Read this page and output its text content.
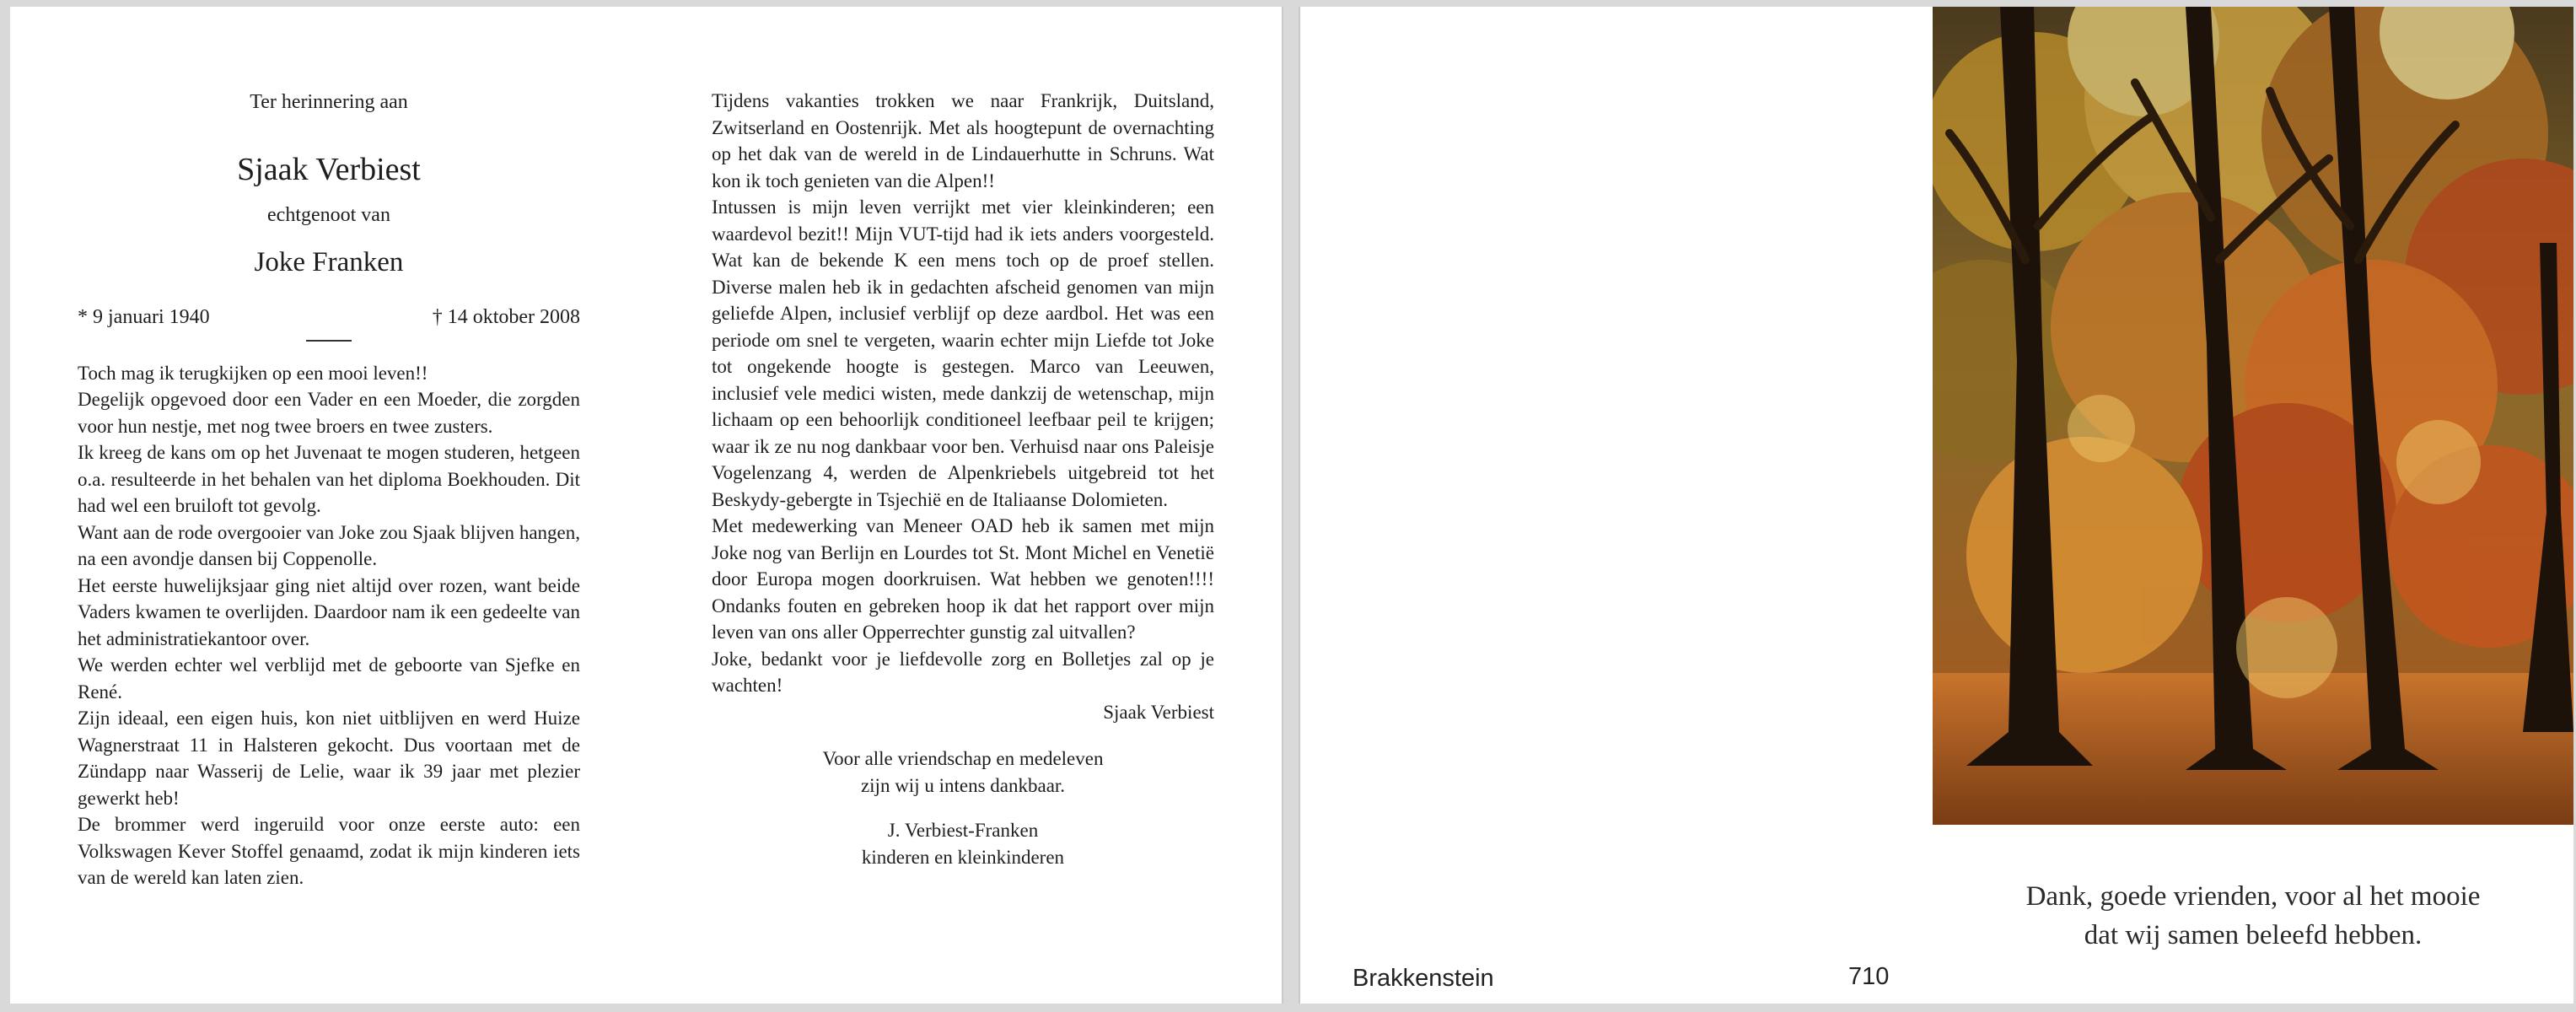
Ter herinnering aan
Sjaak Verbiest
echtgenoot van
Joke Franken
* 9 januari 1940	† 14 oktober 2008

Toch mag ik terugkijken op een mooi leven!!

Degelijk opgevoed door een Vader en een Moeder, die zorgden voor hun nestje, met nog twee broers en twee zusters.

Ik kreeg de kans om op het Juvenaat te mogen studeren, hetgeen o.a. resulteerde in het behalen van het diploma Boekhouden. Dit had wel een bruiloft tot gevolg.

Want aan de rode overgooier van Joke zou Sjaak blijven hangen, na een avondje dansen bij Coppenolle.

Het eerste huwelijksjaar ging niet altijd over rozen, want beide Vaders kwamen te overlijden. Daardoor nam ik een gedeelte van het administratiekantoor over.

We werden echter wel verblijd met de geboorte van Sjefke en René.

Zijn ideaal, een eigen huis, kon niet uitblijven en werd Huize Wagnerstraat 11 in Halsteren gekocht. Dus voortaan met de Zündapp naar Wasserij de Lelie, waar ik 39 jaar met plezier gewerkt heb!

De brommer werd ingeruild voor onze eerste auto: een Volkswagen Kever Stoffel genaamd, zodat ik mijn kinderen iets van de wereld kan laten zien.

Tijdens vakanties trokken we naar Frankrijk, Duitsland, Zwitserland en Oostenrijk. Met als hoogtepunt de overnachting op het dak van de wereld in de Lindauerhutte in Schruns. Wat kon ik toch genieten van die Alpen!!

Intussen is mijn leven verrijkt met vier kleinkinderen; een waardevol bezit!! Mijn VUT-tijd had ik iets anders voorgesteld. Wat kan de bekende K een mens toch op de proef stellen. Diverse malen heb ik in gedachten afscheid genomen van mijn geliefde Alpen, inclusief verblijf op deze aardbol. Het was een periode om snel te vergeten, waarin echter mijn Liefde tot Joke tot ongekende hoogte is gestegen. Marco van Leeuwen, inclusief vele medici wisten, mede dankzij de wetenschap, mijn lichaam op een behoorlijk conditioneel leefbaar peil te krijgen; waar ik ze nu nog dankbaar voor ben. Verhuisd naar ons Paleisje Vogelenzang 4, werden de Alpenkriebels uitgebreid tot het Beskydy-gebergte in Tsjechië en de Italiaanse Dolomieten.

Met medewerking van Meneer OAD heb ik samen met mijn Joke nog van Berlijn en Lourdes tot St. Mont Michel en Venetië door Europa mogen doorkruisen. Wat hebben we genoten!!!! Ondanks fouten en gebreken hoop ik dat het rapport over mijn leven van ons aller Opperrechter gunstig zal uitvallen?

Joke, bedankt voor je liefdevolle zorg en Bolletjes zal op je wachten!

Sjaak Verbiest

Voor alle vriendschap en medeleven
zijn wij u intens dankbaar.
J. Verbiest-Franken
kinderen en kleinkinderen
Dank, goede vrienden, voor al het mooie
dat wij samen beleefd hebben.
Brakkenstein	710
